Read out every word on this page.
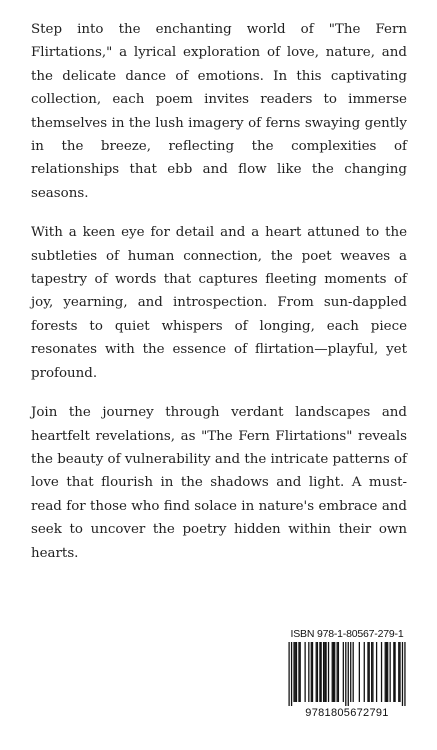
Step into the enchanting world of "The Fern Flirtations," a lyrical exploration of love, nature, and the delicate dance of emotions. In this captivating collection, each poem invites readers to immerse themselves in the lush imagery of ferns swaying gently in the breeze, reflecting the complexities of relationships that ebb and flow like the changing seasons.

With a keen eye for detail and a heart attuned to the subtleties of human connection, the poet weaves a tapestry of words that captures fleeting moments of joy, yearning, and introspection. From sun-dappled forests to quiet whispers of longing, each piece resonates with the essence of flirtation—playful, yet profound.

Join the journey through verdant landscapes and heartfelt revelations, as "The Fern Flirtations" reveals the beauty of vulnerability and the intricate patterns of love that flourish in the shadows and light. A must-read for those who find solace in nature's embrace and seek to uncover the poetry hidden within their own hearts.

ISBN 978-1-80567-279-1
9781805672791
